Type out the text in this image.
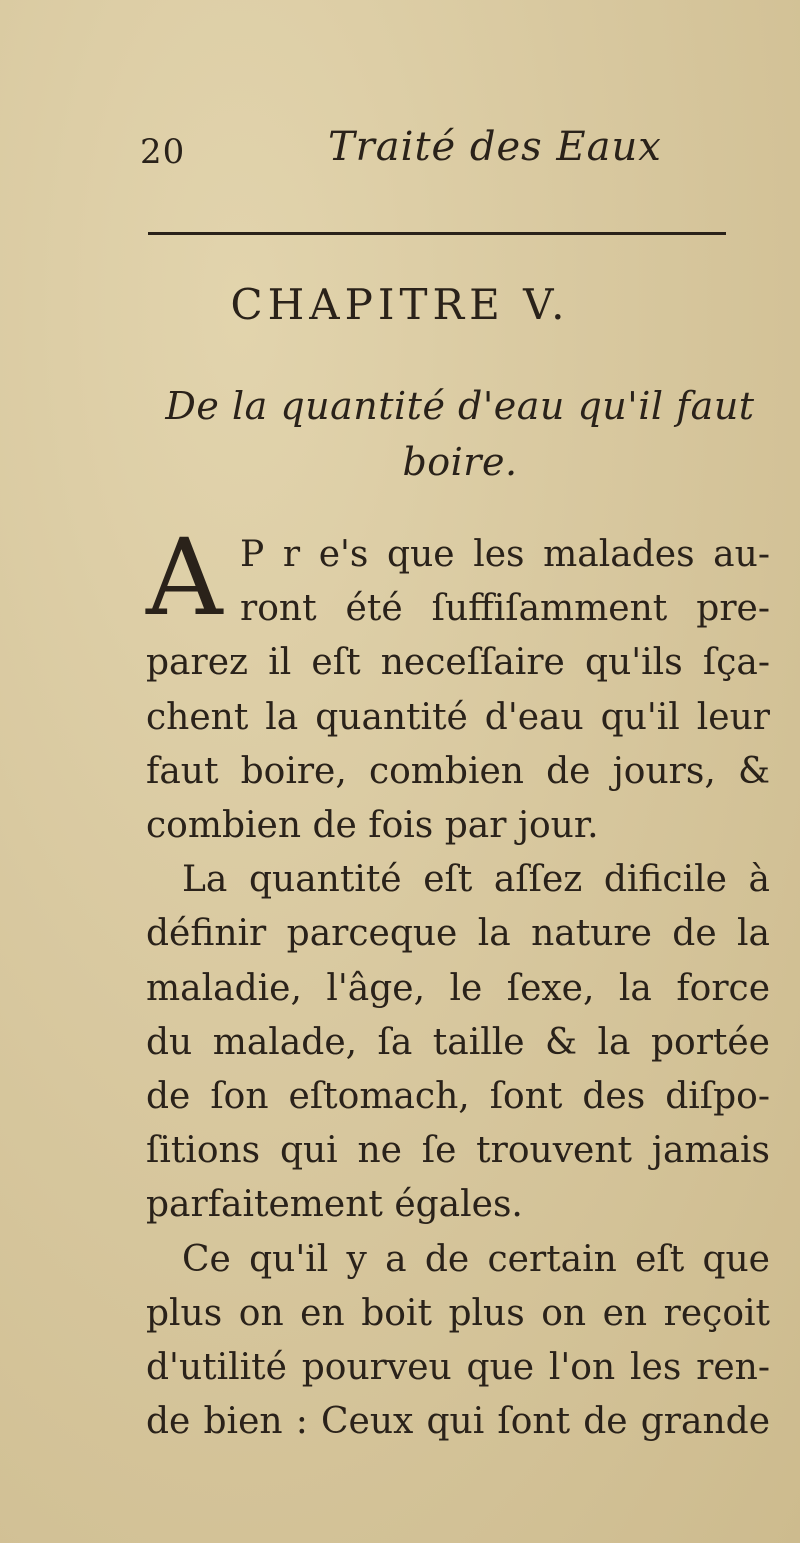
20	Traité des Eaux
CHAPITRE V.
De la quantité d'eau qu'il faut
boire.
A P r e's que les malades au-
ront été ſuffiſamment pre-
parez il eſt neceſſaire qu'ils ſça-
chent la quantité d'eau qu'il leur
faut boire, combien de jours, &
combien de fois par jour.
La quantité eſt aſſez dificile à
définir parceque la nature de la
maladie, l'âge, le ſexe, la force
du malade, ſa taille & la portée
de ſon eſtomach, ſont des diſpo-
ſitions qui ne ſe trouvent jamais
parfaitement égales.
Ce qu'il y a de certain eſt que
plus on en boit plus on en reçoit
d'utilité pourveu que l'on les ren-
de bien : Ceux qui ſont de grande
